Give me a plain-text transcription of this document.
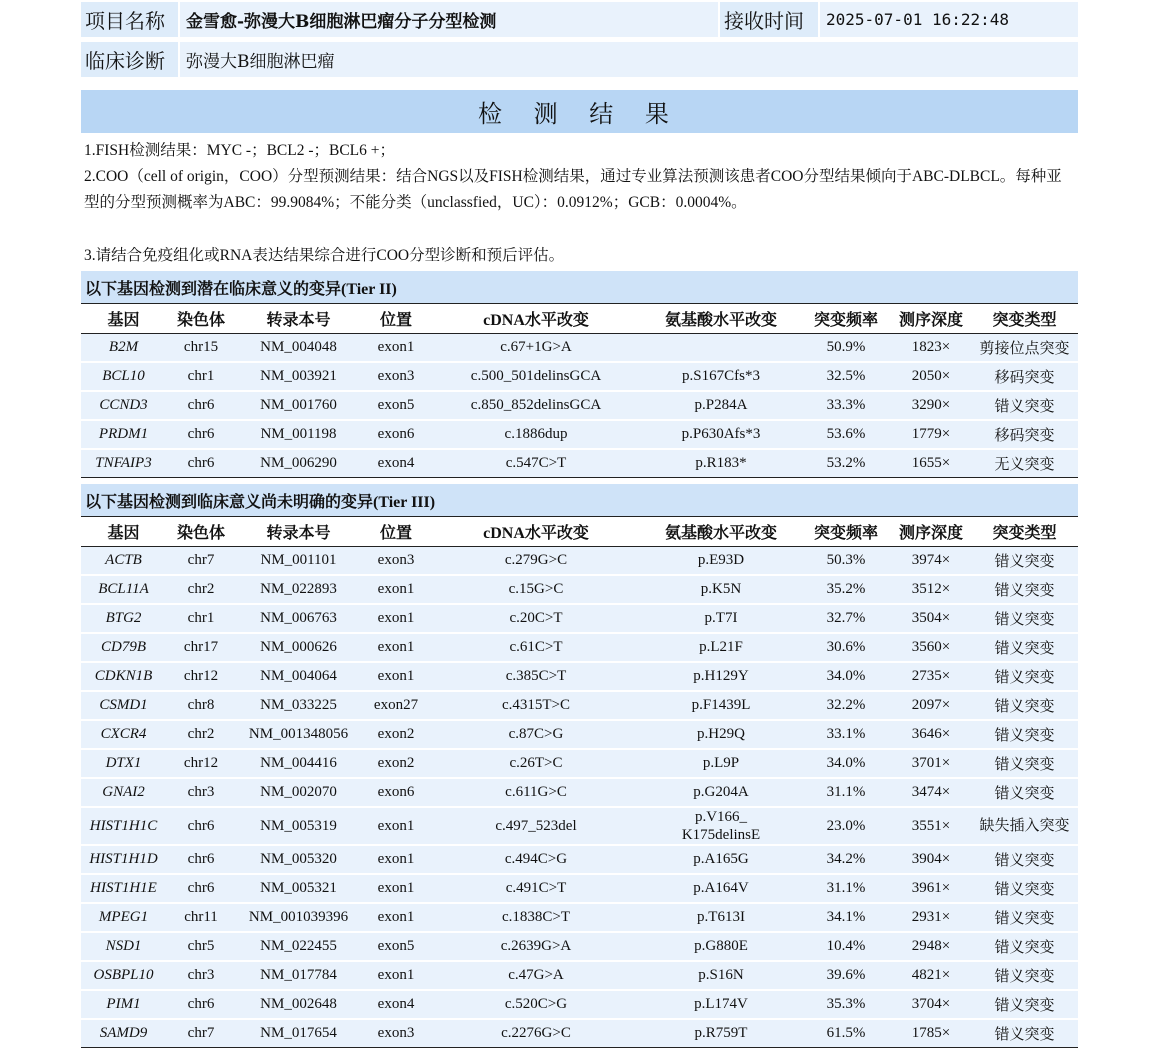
项目名称	金雪愈-弥漫大B细胞淋巴瘤分子分型检测	接收时间	2025-07-01 16:22:48
临床诊断	弥漫大B细胞淋巴瘤
检 测 结 果
1.FISH检测结果：MYC -；BCL2 -；BCL6 +；
2.COO（cell of origin，COO）分型预测结果：结合NGS以及FISH检测结果，通过专业算法预测该患者COO分型结果倾向于ABC-DLBCL。每种亚型的分型预测概率为ABC：99.9084%；不能分类（unclassfied，UC）：0.0912%；GCB：0.0004%。
3.请结合免疫组化或RNA表达结果综合进行COO分型诊断和预后评估。
以下基因检测到潜在临床意义的变异(Tier II)
基因	染色体	转录本号	位置	cDNA水平改变	氨基酸水平改变	突变频率	测序深度	突变类型
B2M	chr15	NM_004048	exon1	c.67+1G>A		50.9%	1823×	剪接位点突变
BCL10	chr1	NM_003921	exon3	c.500_501delinsGCA	p.S167Cfs*3	32.5%	2050×	移码突变
CCND3	chr6	NM_001760	exon5	c.850_852delinsGCA	p.P284A	33.3%	3290×	错义突变
PRDM1	chr6	NM_001198	exon6	c.1886dup	p.P630Afs*3	53.6%	1779×	移码突变
TNFAIP3	chr6	NM_006290	exon4	c.547C>T	p.R183*	53.2%	1655×	无义突变
以下基因检测到临床意义尚未明确的变异(Tier III)
基因	染色体	转录本号	位置	cDNA水平改变	氨基酸水平改变	突变频率	测序深度	突变类型
ACTB	chr7	NM_001101	exon3	c.279G>C	p.E93D	50.3%	3974×	错义突变
BCL11A	chr2	NM_022893	exon1	c.15G>C	p.K5N	35.2%	3512×	错义突变
BTG2	chr1	NM_006763	exon1	c.20C>T	p.T7I	32.7%	3504×	错义突变
CD79B	chr17	NM_000626	exon1	c.61C>T	p.L21F	30.6%	3560×	错义突变
CDKN1B	chr12	NM_004064	exon1	c.385C>T	p.H129Y	34.0%	2735×	错义突变
CSMD1	chr8	NM_033225	exon27	c.4315T>C	p.F1439L	32.2%	2097×	错义突变
CXCR4	chr2	NM_001348056	exon2	c.87C>G	p.H29Q	33.1%	3646×	错义突变
DTX1	chr12	NM_004416	exon2	c.26T>C	p.L9P	34.0%	3701×	错义突变
GNAI2	chr3	NM_002070	exon6	c.611G>C	p.G204A	31.1%	3474×	错义突变
HIST1H1C	chr6	NM_005319	exon1	c.497_523del	p.V166_
K175delinsE	23.0%	3551×	缺失插入突变
HIST1H1D	chr6	NM_005320	exon1	c.494C>G	p.A165G	34.2%	3904×	错义突变
HIST1H1E	chr6	NM_005321	exon1	c.491C>T	p.A164V	31.1%	3961×	错义突变
MPEG1	chr11	NM_001039396	exon1	c.1838C>T	p.T613I	34.1%	2931×	错义突变
NSD1	chr5	NM_022455	exon5	c.2639G>A	p.G880E	10.4%	2948×	错义突变
OSBPL10	chr3	NM_017784	exon1	c.47G>A	p.S16N	39.6%	4821×	错义突变
PIM1	chr6	NM_002648	exon4	c.520C>G	p.L174V	35.3%	3704×	错义突变
SAMD9	chr7	NM_017654	exon3	c.2276G>C	p.R759T	61.5%	1785×	错义突变
